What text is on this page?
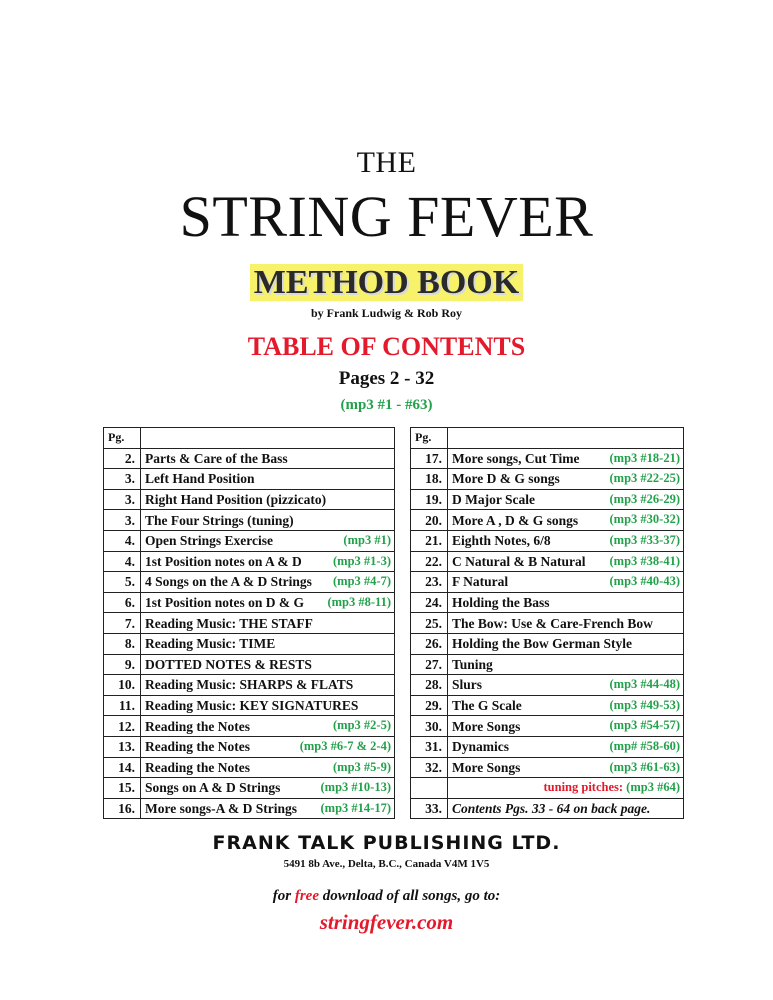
THE
STRING FEVER
METHOD BOOK
by Frank Ludwig & Rob Roy
TABLE OF CONTENTS
Pages 2 - 32
(mp3 #1 - #63)
Pg.	
2.	Parts & Care of the Bass
3.	Left Hand Position
3.	Right Hand Position (pizzicato)
3.	The Four Strings (tuning)
4.	Open Strings Exercise (mp3 #1)

4.	1st Position notes on A & D (mp3 #1-3)

5.	4 Songs on the A & D Strings (mp3 #4-7)

6.	1st Position notes on D & G (mp3 #8-11)

7.	Reading Music: THE STAFF
8.	Reading Music: TIME
9.	DOTTED NOTES & RESTS
10.	Reading Music: SHARPS & FLATS
11.	Reading Music: KEY SIGNATURES
12.	Reading the Notes (mp3 #2-5)

13.	Reading the Notes (mp3 #6-7 & 2-4)

14.	Reading the Notes (mp3 #5-9)

15.	Songs on A & D Strings (mp3 #10-13)

16.	More songs-A & D Strings (mp3 #14-17)
Pg.	
17.	More songs, Cut Time (mp3 #18-21)

18.	More D & G songs (mp3 #22-25)

19.	D Major Scale (mp3 #26-29)

20.	More A , D & G songs (mp3 #30-32)

21.	Eighth Notes, 6/8 (mp3 #33-37)

22.	C Natural & B Natural (mp3 #38-41)

23.	F Natural (mp3 #40-43)

24.	Holding the Bass
25.	The Bow: Use & Care-French Bow
26.	Holding the Bow German Style
27.	Tuning
28.	Slurs (mp3 #44-48)

29.	The G Scale (mp3 #49-53)

30.	More Songs (mp3 #54-57)

31.	Dynamics (mp# #58-60)

32.	More Songs (mp3 #61-63)

	tuning pitches: (mp3 #64)

33.	Contents Pgs. 33 - 64 on back page.
FRANK TALK PUBLISHING LTD.
5491 8b Ave., Delta, B.C., Canada V4M 1V5
for free download of all songs, go to:
stringfever.com
